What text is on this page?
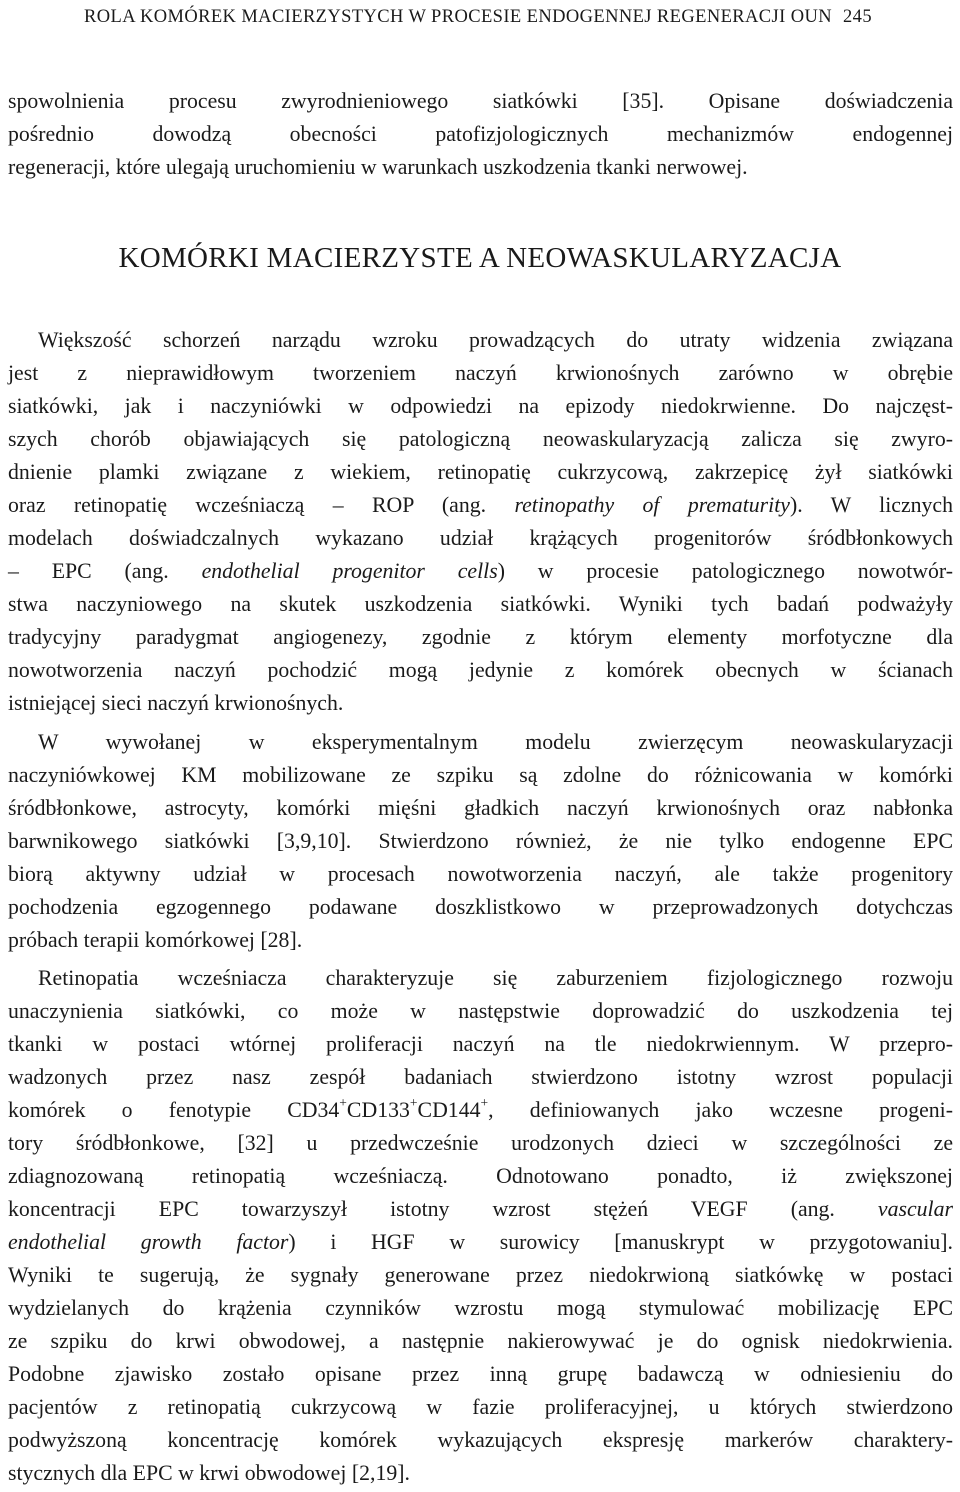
ROLA KOMÓREK MACIERZYSTYCH W PROCESIE ENDOGENNEJ REGENERACJI OUN 245
KOMÓRKI MACIERZYSTE A NEOWASKULARYZACJA
spowolnienia procesu zwyrodnieniowego siatkówki [35]. Opisane doświadczenia
pośrednio dowodzą obecności patofizjologicznych mechanizmów endogennej
regeneracji, które ulegają uruchomieniu w warunkach uszkodzenia tkanki nerwowej.
Większość schorzeń narządu wzroku prowadzących do utraty widzenia związana
jest z nieprawidłowym tworzeniem naczyń krwionośnych zarówno w obrębie
siatkówki, jak i naczyniówki w odpowiedzi na epizody niedokrwienne. Do najczęst-
szych chorób objawiających się patologiczną neowaskularyzacją zalicza się zwyro-
dnienie plamki związane z wiekiem, retinopatię cukrzycową, zakrzepicę żył siatkówki
oraz retinopatię wcześniaczą – ROP (ang. retinopathy of prematurity). W licznych
modelach doświadczalnych wykazano udział krążących progenitorów śródbłonkowych
– EPC (ang. endothelial progenitor cells) w procesie patologicznego nowotwór-
stwa naczyniowego na skutek uszkodzenia siatkówki. Wyniki tych badań podważyły
tradycyjny paradygmat angiogenezy, zgodnie z którym elementy morfotyczne dla
nowotworzenia naczyń pochodzić mogą jedynie z komórek obecnych w ścianach
istniejącej sieci naczyń krwionośnych.
W wywołanej w eksperymentalnym modelu zwierzęcym neowaskularyzacji
naczyniówkowej KM mobilizowane ze szpiku są zdolne do różnicowania w komórki
śródbłonkowe, astrocyty, komórki mięśni gładkich naczyń krwionośnych oraz nabłonka
barwnikowego siatkówki [3,9,10]. Stwierdzono również, że nie tylko endogenne EPC
biorą aktywny udział w procesach nowotworzenia naczyń, ale także progenitory
pochodzenia egzogennego podawane doszklistkowo w przeprowadzonych dotychczas
próbach terapii komórkowej [28].
Retinopatia wcześniacza charakteryzuje się zaburzeniem fizjologicznego rozwoju
unaczynienia siatkówki, co może w następstwie doprowadzić do uszkodzenia tej
tkanki w postaci wtórnej proliferacji naczyń na tle niedokrwiennym. W przepro-
wadzonych przez nasz zespół badaniach stwierdzono istotny wzrost populacji
komórek o fenotypie CD34+CD133+CD144+, definiowanych jako wczesne progeni-
tory śródbłonkowe, [32] u przedwcześnie urodzonych dzieci w szczególności ze
zdiagnozowaną retinopatią wcześniaczą. Odnotowano ponadto, iż zwiększonej
koncentracji EPC towarzyszył istotny wzrost stężeń VEGF (ang. vascular
endothelial growth factor) i HGF w surowicy [manuskrypt w przygotowaniu].
Wyniki te sugerują, że sygnały generowane przez niedokrwioną siatkówkę w postaci
wydzielanych do krążenia czynników wzrostu mogą stymulować mobilizację EPC
ze szpiku do krwi obwodowej, a następnie nakierowywać je do ognisk niedokrwienia.
Podobne zjawisko zostało opisane przez inną grupę badawczą w odniesieniu do
pacjentów z retinopatią cukrzycową w fazie proliferacyjnej, u których stwierdzono
podwyższoną koncentrację komórek wykazujących ekspresję markerów charaktery-
stycznych dla EPC w krwi obwodowej [2,19].
